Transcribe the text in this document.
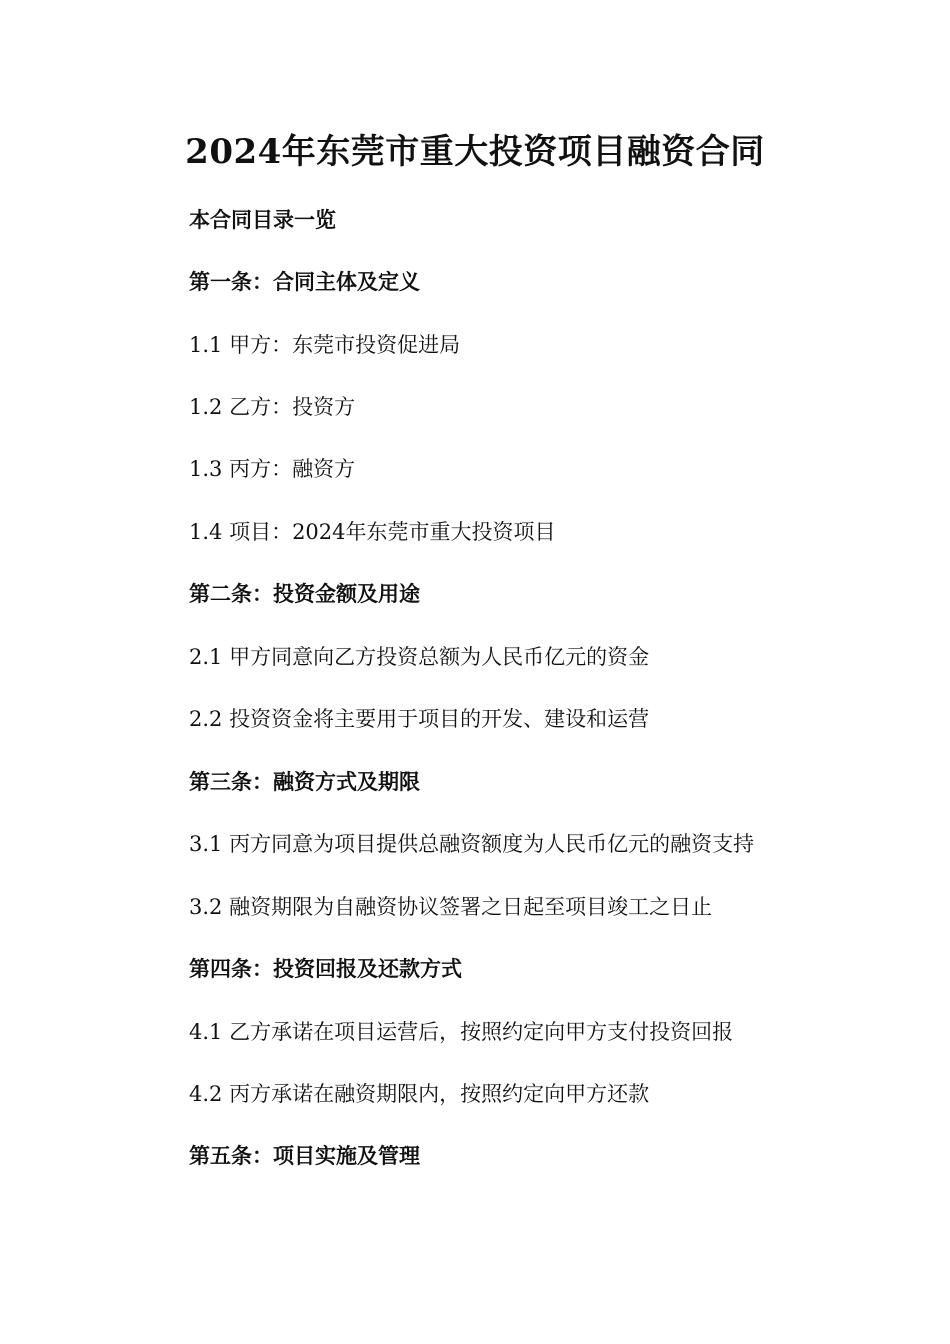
2024年东莞市重大投资项目融资合同
本合同目录一览
第一条：合同主体及定义
1.1 甲方：东莞市投资促进局
1.2 乙方：投资方
1.3 丙方：融资方
1.4 项目：2024年东莞市重大投资项目
第二条：投资金额及用途
2.1 甲方同意向乙方投资总额为人民币亿元的资金
2.2 投资资金将主要用于项目的开发、建设和运营
第三条：融资方式及期限
3.1 丙方同意为项目提供总融资额度为人民币亿元的融资支持
3.2 融资期限为自融资协议签署之日起至项目竣工之日止
第四条：投资回报及还款方式
4.1 乙方承诺在项目运营后，按照约定向甲方支付投资回报
4.2 丙方承诺在融资期限内，按照约定向甲方还款
第五条：项目实施及管理
